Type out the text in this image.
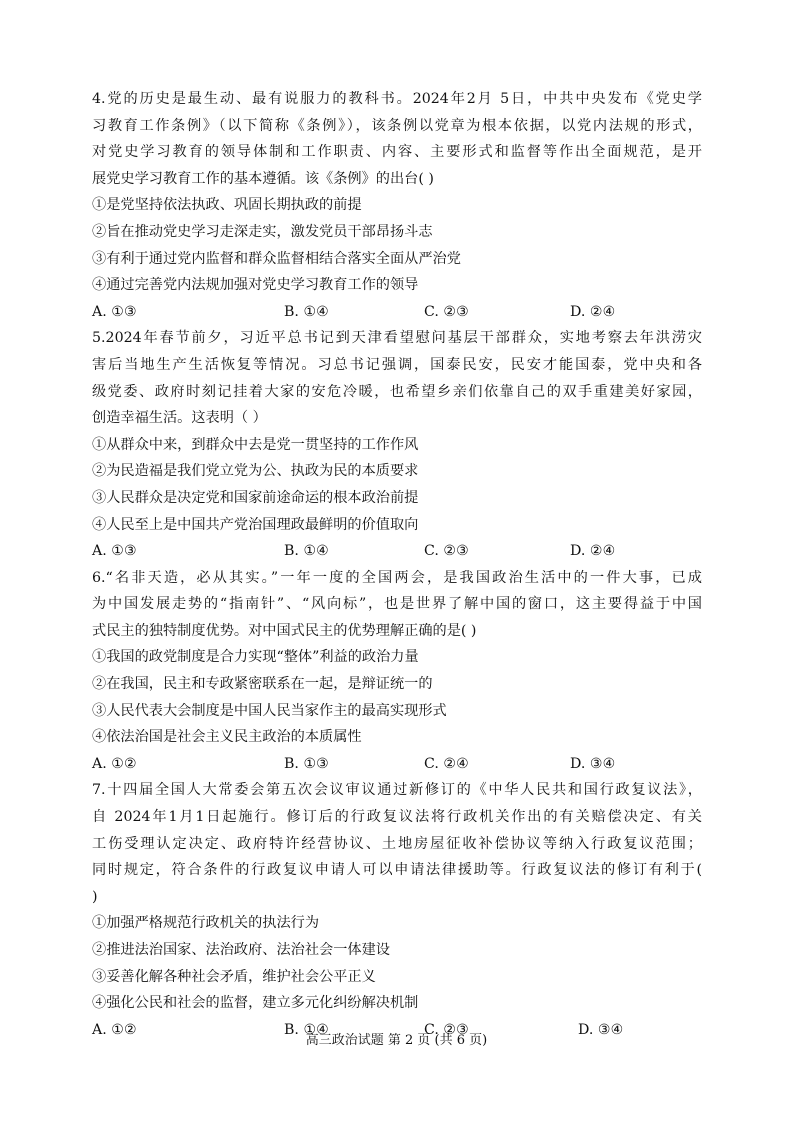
4.党的历史是最生动、最有说服力的教科书。2024年2月 5日，中共中央发布《党史学
习教育工作条例》（以下简称《条例》），该条例以党章为根本依据，以党内法规的形式，
对党史学习教育的领导体制和工作职责、内容、主要形式和监督等作出全面规范，是开
展党史学习教育工作的基本遵循。该《条例》的出台( )
①是党坚持依法执政、巩固长期执政的前提
②旨在推动党史学习走深走实，激发党员干部昂扬斗志
③有利于通过党内监督和群众监督相结合落实全面从严治党
④通过完善党内法规加强对党史学习教育工作的领导
A. ①③	B. ①④	C. ②③	D. ②④
5.2024年春节前夕，习近平总书记到天津看望慰问基层干部群众，实地考察去年洪涝灾
害后当地生产生活恢复等情况。习总书记强调，国泰民安，民安才能国泰，党中央和各
级党委、政府时刻记挂着大家的安危冷暖，也希望乡亲们依靠自己的双手重建美好家园，
创造幸福生活。这表明（ ）
①从群众中来，到群众中去是党一贯坚持的工作作风
②为民造福是我们党立党为公、执政为民的本质要求
③人民群众是决定党和国家前途命运的根本政治前提
④人民至上是中国共产党治国理政最鲜明的价值取向
A. ①③	B. ①④	C. ②③	D. ②④
6.“名非天造，必从其实。”一年一度的全国两会，是我国政治生活中的一件大事，已成
为中国发展走势的“指南针”、“风向标”，也是世界了解中国的窗口，这主要得益于中国
式民主的独特制度优势。对中国式民主的优势理解正确的是( )
①我国的政党制度是合力实现“整体”利益的政治力量
②在我国，民主和专政紧密联系在一起，是辩证统一的
③人民代表大会制度是中国人民当家作主的最高实现形式
④依法治国是社会主义民主政治的本质属性
A. ①②	B. ①③	C. ②④	D. ③④
7.十四届全国人大常委会第五次会议审议通过新修订的《中华人民共和国行政复议法》，
自 2024年1月1日起施行。修订后的行政复议法将行政机关作出的有关赔偿决定、有关
工伤受理认定决定、政府特许经营协议、土地房屋征收补偿协议等纳入行政复议范围；
同时规定，符合条件的行政复议申请人可以申请法律援助等。行政复议法的修订有利于(
)
①加强严格规范行政机关的执法行为
②推进法治国家、法治政府、法治社会一体建设
③妥善化解各种社会矛盾，维护社会公平正义
④强化公民和社会的监督，建立多元化纠纷解决机制
A. ①②	B. ①④	C. ②③	D. ③④
高三政治试题 第 2 页 (共 6 页)
